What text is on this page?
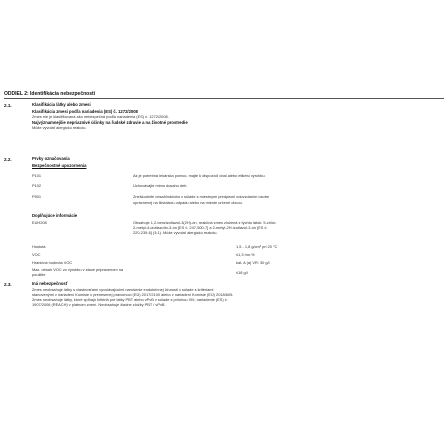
ODDIEL 2: Identifikácia nebezpečnosti
2.1.	Klasifikácia látky alebo zmesi
Klasifikácia zmesi podľa nariadenia (ES) č. 1272/2008
Zmes nie je klasifikovaná ako nebezpečná podľa nariadenia (ES) č. 1272/2008.
Najvýznamnejšie nepriaznivé účinky na ľudské zdravie a na životné prostredie
Môže vyvolať alergickú reakciu.
2.2.	Prvky označovania
Bezpečnostné upozornenia
P101	Ak je potrebná lekárska pomoc, majte k dispozícii obal alebo etiketu výrobku.
P102	Uchovávajte mimo dosahu detí.
P501	Zneškodnite obsah/nádobu v súlade s miestnymi predpismi odovzdaním osobe
oprávnenej na likvidáciu odpadu alebo na mieste určené obcou.
Doplňujúce informácie
EUH208	Obsahuje 1,2-benzizotiazol-3(2H)-ón, reakčná zmes zložená z týchto látok: 5-chlór-
2-metyl-4-izotiazolín-3-ón [ES č. 247-500-7] a 2-metyl-2H-izotiazol-3-ón [ES č.
220-239-6] (3:1). Môže vyvolať alergickú reakciu.
Hustota	1,5 - 1,8 g/cm³ pri 20 °C
VOC	≤1,3 hm.%
Hraničná hodnota VOC	kat. A (a) VR: 30 g/l
Max. obsah VOC vo výrobku v stave pripravenom na
použitie	≤18 g/l
2.3.	Iná nebezpečnosť
Zmes neobsahuje látky s vlastnosťami vyvolávajúcimi narušenie endokrinnej činnosti v súlade s kritériami
stanovenými v nariadení Komisie v prenesenej právomoci (EÚ) 2017/2100 alebo v nariadení Komisie (EÚ) 2018/605.
Zmes neobsahuje látky, ktoré spĺňajú kritériá pre látky PBT alebo vPvB v súlade s prílohou XIII, nariadenie (ES) č.
1907/2006 (REACH) v platnom znení. Neobsahuje žiadne zložky PBT / vPvB.
